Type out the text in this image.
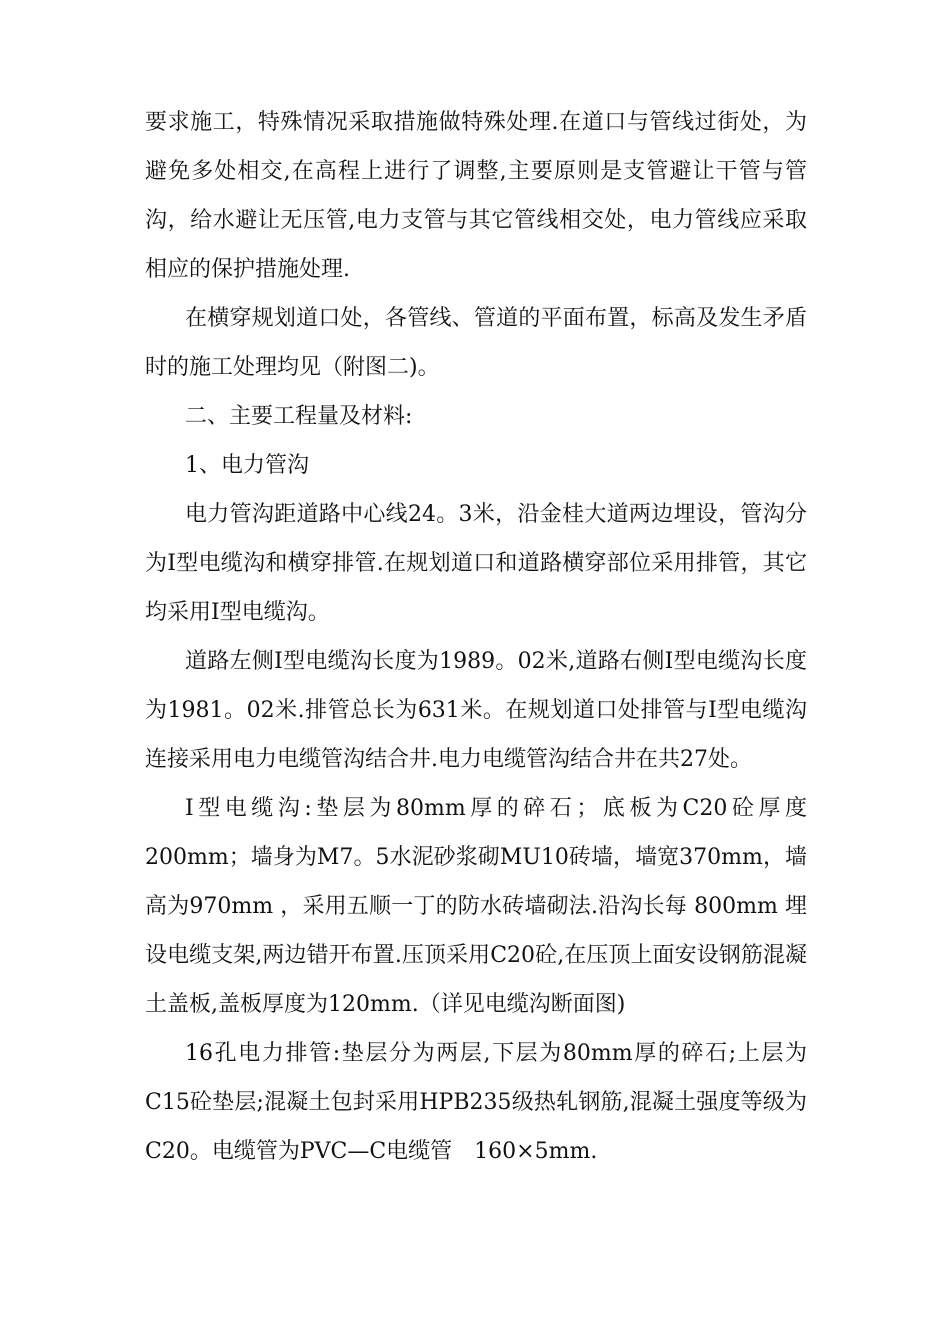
要求施工，特殊情况采取措施做特殊处理.在道口与管线过街处，为避免多处相交,在高程上进行了调整,主要原则是支管避让干管与管沟，给水避让无压管,电力支管与其它管线相交处，电力管线应采取相应的保护措施处理.

在横穿规划道口处，各管线、管道的平面布置，标高及发生矛盾时的施工处理均见（附图二)。

二、主要工程量及材料:

1、电力管沟

电力管沟距道路中心线24。3米，沿金桂大道两边埋设，管沟分为Ⅰ型电缆沟和横穿排管.在规划道口和道路横穿部位采用排管，其它均采用Ⅰ型电缆沟。

道路左侧Ⅰ型电缆沟长度为1989。02米,道路右侧Ⅰ型电缆沟长度为1981。02米.排管总长为631米。在规划道口处排管与Ⅰ型电缆沟连接采用电力电缆管沟结合井.电力电缆管沟结合井在共27处。

Ⅰ型电缆沟:垫层为80mm厚的碎石；底板为C20砼厚度200mm；墙身为M7。5水泥砂浆砌MU10砖墙，墙宽370mm，墙高为970mm ，采用五顺一丁的防水砖墙砌法.沿沟长每 800mm 埋设电缆支架,两边错开布置.压顶采用C20砼,在压顶上面安设钢筋混凝土盖板,盖板厚度为120mm.（详见电缆沟断面图)

16孔电力排管:垫层分为两层,下层为80mm厚的碎石;上层为C15砼垫层;混凝土包封采用HPB235级热轧钢筋,混凝土强度等级为C20。电缆管为PVC—C电缆管　160×5mm.
